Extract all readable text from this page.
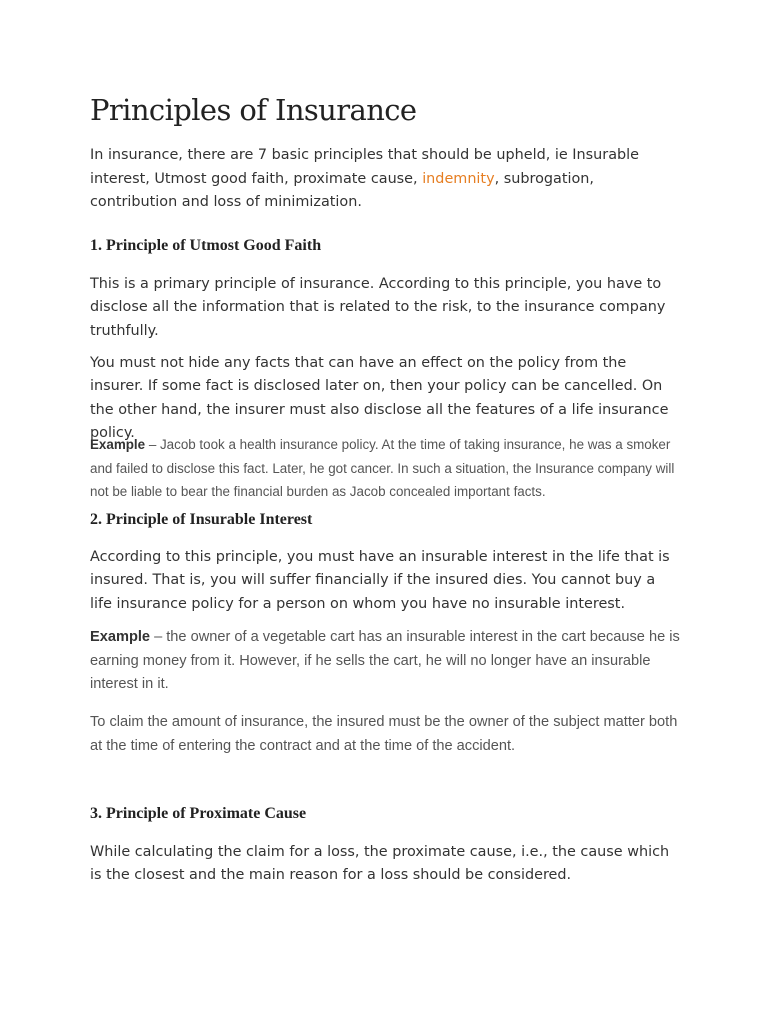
Principles of Insurance

In insurance, there are 7 basic principles that should be upheld, ie Insurable interest, Utmost good faith, proximate cause, indemnity, subrogation, contribution and loss of minimization.

1. Principle of Utmost Good Faith

This is a primary principle of insurance. According to this principle, you have to disclose all the information that is related to the risk, to the insurance company truthfully.

You must not hide any facts that can have an effect on the policy from the insurer. If some fact is disclosed later on, then your policy can be cancelled. On the other hand, the insurer must also disclose all the features of a life insurance policy.

Example – Jacob took a health insurance policy. At the time of taking insurance, he was a smoker and failed to disclose this fact. Later, he got cancer. In such a situation, the Insurance company will not be liable to bear the financial burden as Jacob concealed important facts.

2. Principle of Insurable Interest

According to this principle, you must have an insurable interest in the life that is insured. That is, you will suffer financially if the insured dies. You cannot buy a life insurance policy for a person on whom you have no insurable interest.

Example – the owner of a vegetable cart has an insurable interest in the cart because he is earning money from it. However, if he sells the cart, he will no longer have an insurable interest in it.

To claim the amount of insurance, the insured must be the owner of the subject matter both at the time of entering the contract and at the time of the accident.

3. Principle of Proximate Cause

While calculating the claim for a loss, the proximate cause, i.e., the cause which is the closest and the main reason for a loss should be considered.
